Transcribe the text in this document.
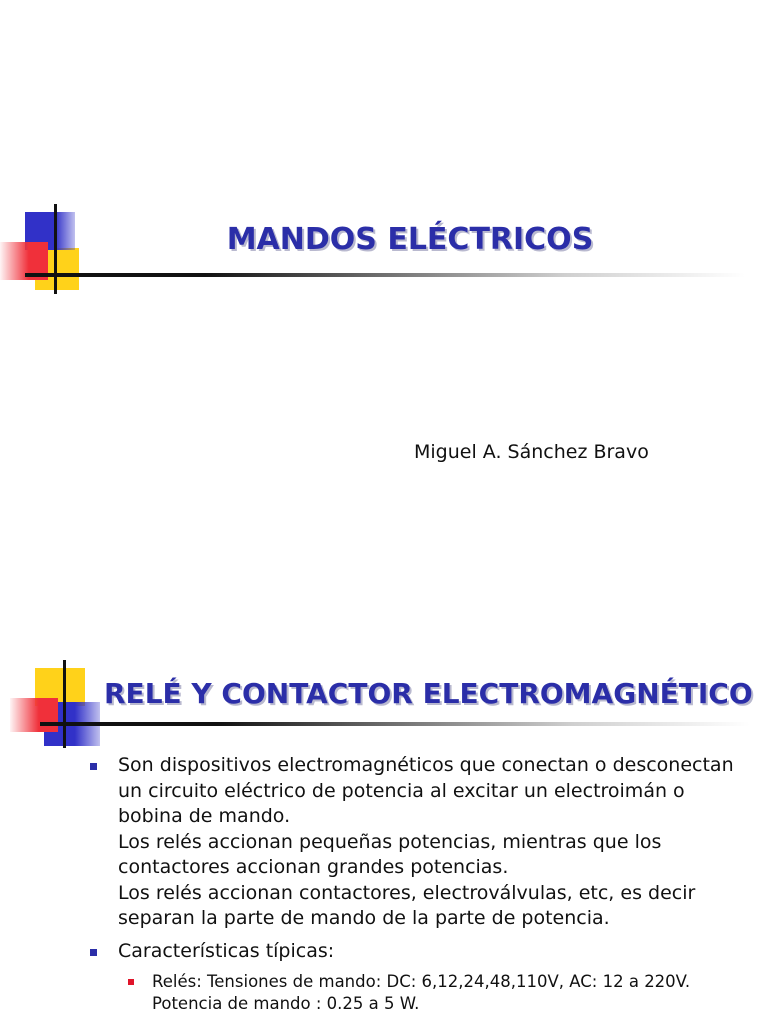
MANDOS ELÉCTRICOS
Miguel A. Sánchez Bravo
RELÉ Y CONTACTOR ELECTROMAGNÉTICO

Son dispositivos electromagnéticos que conectan o desconectan

un circuito eléctrico de potencia al excitar un electroimán o

bobina de mando.

Los relés accionan pequeñas potencias, mientras que los

contactores accionan grandes potencias.

Los relés accionan contactores, electroválvulas, etc, es decir

separan la parte de mando de la parte de potencia.

Características típicas:

Relés: Tensiones de mando: DC: 6,12,24,48,110V, AC: 12 a 220V.

Potencia de mando : 0.25 a 5 W.
